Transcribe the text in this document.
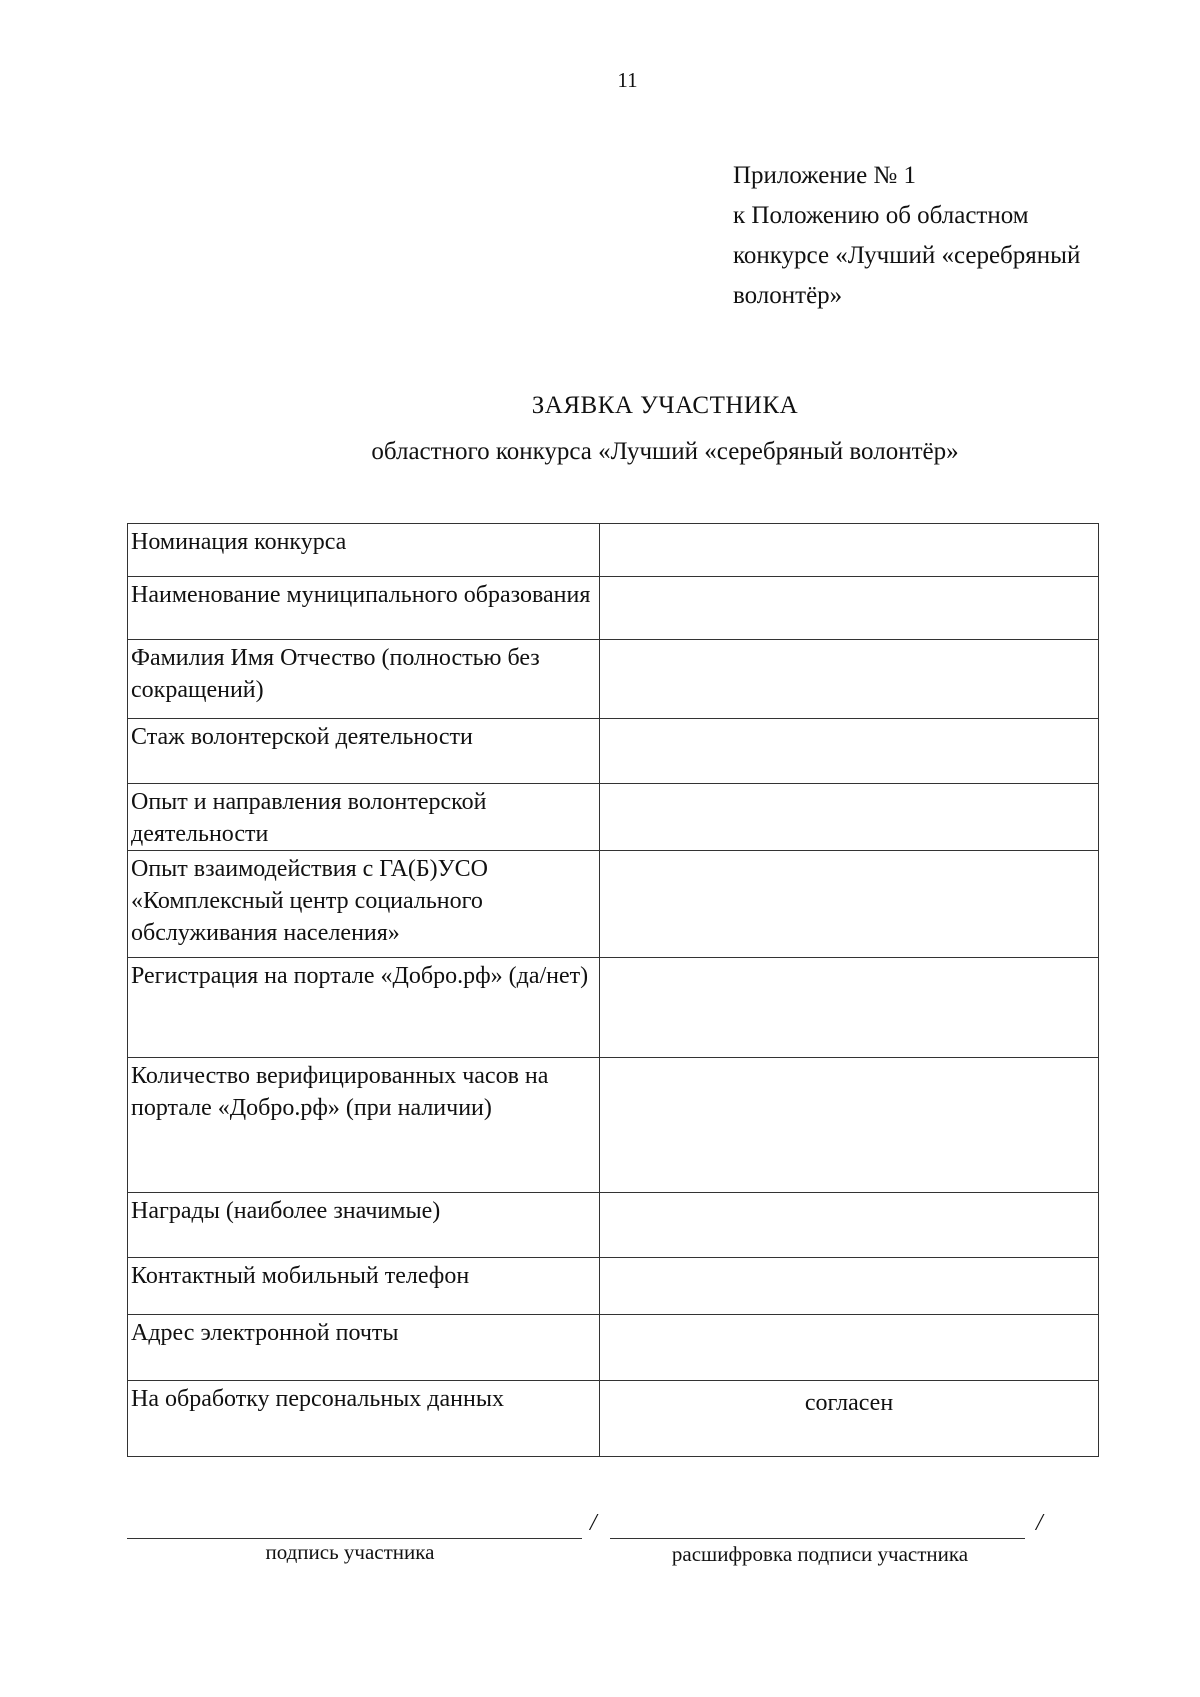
11
Приложение № 1
к Положению об областном
конкурсе «Лучший «серебряный
волонтёр»
ЗАЯВКА УЧАСТНИКА
областного конкурса «Лучший «серебряный волонтёр»
Номинация конкурса	

Наименование муниципального образования	

Фамилия Имя Отчество (полностью без сокращений)	

Стаж волонтерской деятельности	

Опыт и направления волонтерской деятельности	

Опыт взаимодействия с ГА(Б)УСО «Комплексный центр социального обслуживания населения»	

Регистрация на портале «Добро.рф» (да/нет)	

Количество верифицированных часов на портале «Добро.рф» (при наличии)	

Награды (наиболее значимые)	

Контактный мобильный телефон	

Адрес электронной почты	

На обработку персональных данных	согласен
/	/
подпись участника	расшифровка подписи участника
